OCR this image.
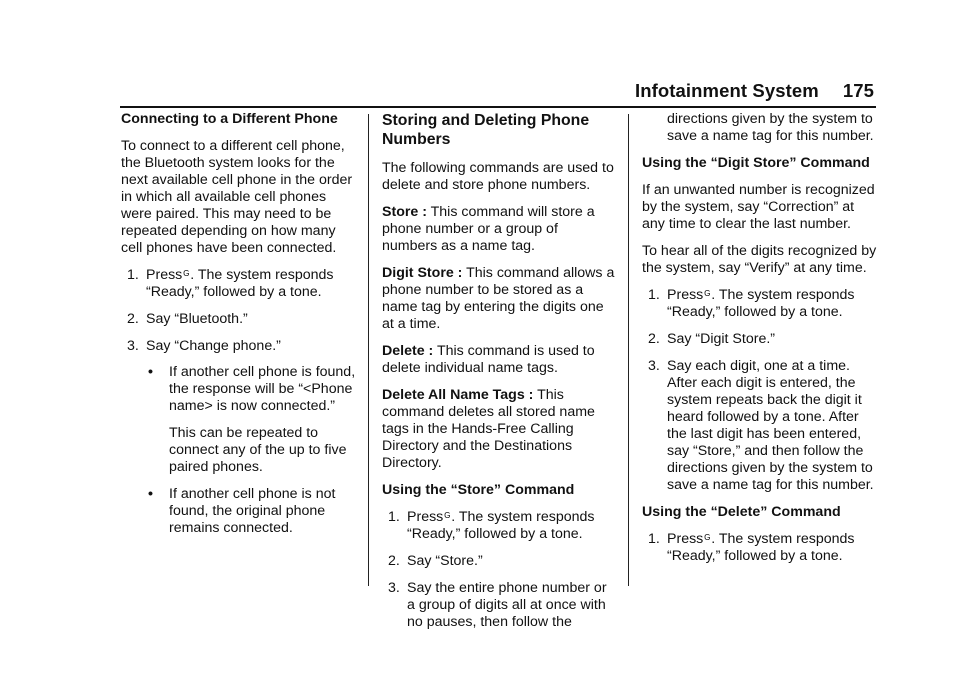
Infotainment System 175

Connecting to a Different Phone

To connect to a different cell phone, the Bluetooth system looks for the next available cell phone in the order in which all available cell phones were paired. This may need to be repeated depending on how many cell phones have been connected.

1. Pressᴳ. The system responds “Ready,” followed by a tone.
2. Say “Bluetooth.”
3. Say “Change phone.”
• If another cell phone is found, the response will be “<Phone name> is now connected.”
This can be repeated to connect any of the up to five paired phones.
• If another cell phone is not found, the original phone remains connected.

Storing and Deleting Phone Numbers

The following commands are used to delete and store phone numbers.

Store : This command will store a phone number or a group of numbers as a name tag.

Digit Store : This command allows a phone number to be stored as a name tag by entering the digits one at a time.

Delete : This command is used to delete individual name tags.

Delete All Name Tags : This command deletes all stored name tags in the Hands-Free Calling Directory and the Destinations Directory.

Using the “Store” Command

1. Pressᴳ. The system responds “Ready,” followed by a tone.
2. Say “Store.”
3. Say the entire phone number or a group of digits all at once with no pauses, then follow the

directions given by the system to save a name tag for this number.

Using the “Digit Store” Command

If an unwanted number is recognized by the system, say “Correction” at any time to clear the last number.

To hear all of the digits recognized by the system, say “Verify” at any time.

1. Pressᴳ. The system responds “Ready,” followed by a tone.
2. Say “Digit Store.”
3. Say each digit, one at a time. After each digit is entered, the system repeats back the digit it heard followed by a tone. After the last digit has been entered, say “Store,” and then follow the directions given by the system to save a name tag for this number.

Using the “Delete” Command

1. Pressᴳ. The system responds “Ready,” followed by a tone.
